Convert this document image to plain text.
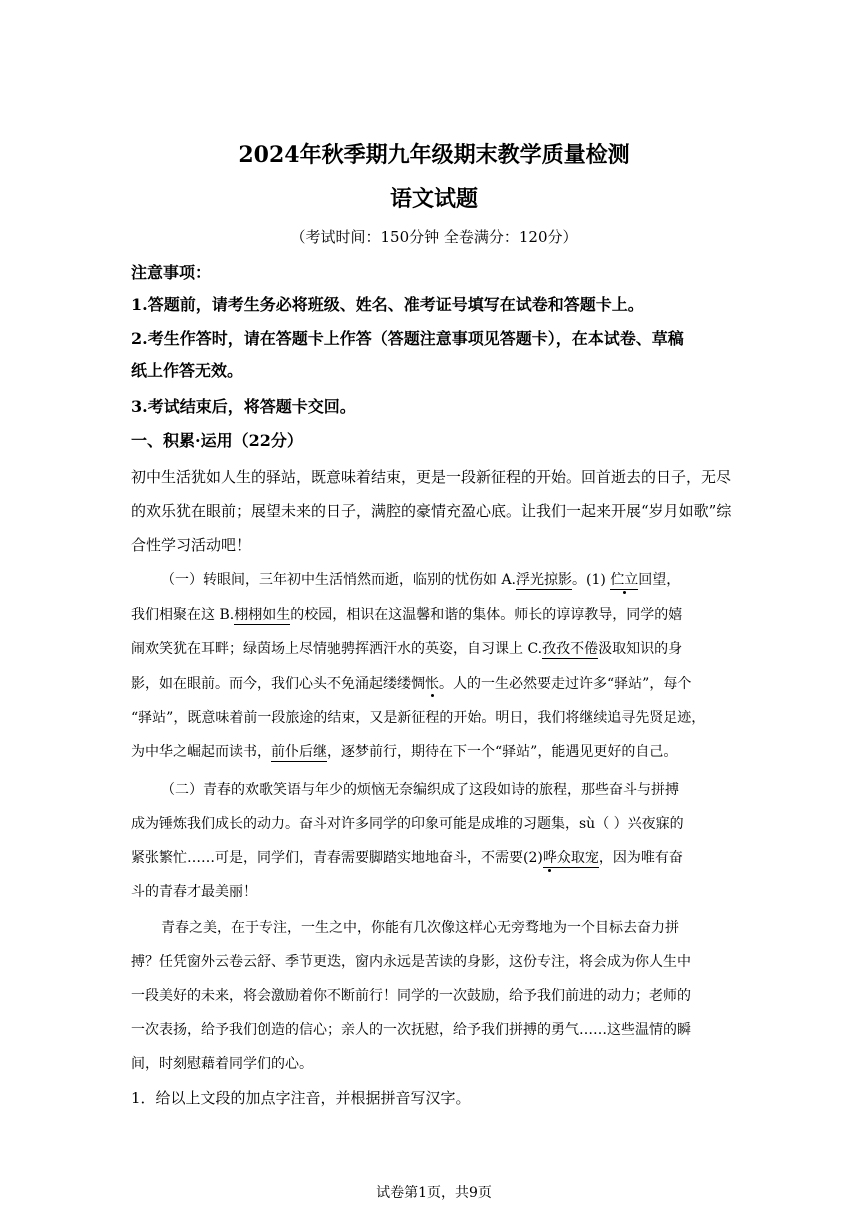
2024年秋季期九年级期末教学质量检测
语文试题
（考试时间：150分钟 全卷满分：120分）
注意事项：
1.答题前，请考生务必将班级、姓名、准考证号填写在试卷和答题卡上。
2.考生作答时，请在答题卡上作答（答题注意事项见答题卡），在本试卷、草稿
纸上作答无效。
3.考试结束后，将答题卡交回。
一、积累·运用（22分）
初中生活犹如人生的驿站，既意味着结束，更是一段新征程的开始。回首逝去的日子，无尽
的欢乐犹在眼前；展望未来的日子，满腔的豪情充盈心底。让我们一起来开展“岁月如歌”综
合性学习活动吧！
（一）转眼间，三年初中生活悄然而逝，临别的忧伤如 A.浮光掠影。(1) 伫立回望，
我们相聚在这 B.栩栩如生的校园，相识在这温馨和谐的集体。师长的谆谆教导，同学的嬉
闹欢笑犹在耳畔；绿茵场上尽情驰骋挥洒汗水的英姿，自习课上 C.孜孜不倦汲取知识的身
影，如在眼前。而今，我们心头不免涌起缕缕惆怅。人的一生必然要走过许多“驿站”，每个
“驿站”，既意味着前一段旅途的结束，又是新征程的开始。明日，我们将继续追寻先贤足迹，
为中华之崛起而读书，前仆后继，逐梦前行，期待在下一个“驿站”，能遇见更好的自己。
（二）青春的欢歌笑语与年少的烦恼无奈编织成了这段如诗的旅程，那些奋斗与拼搏
成为锤炼我们成长的动力。奋斗对许多同学的印象可能是成堆的习题集，sù（ ）兴夜寐的
紧张繁忙……可是，同学们，青春需要脚踏实地地奋斗，不需要(2)哗众取宠，因为唯有奋
斗的青春才最美丽！
青春之美，在于专注，一生之中，你能有几次像这样心无旁骛地为一个目标去奋力拼
搏？任凭窗外云卷云舒、季节更迭，窗内永远是苦读的身影，这份专注，将会成为你人生中
一段美好的未来，将会激励着你不断前行！同学的一次鼓励，给予我们前进的动力；老师的
一次表扬，给予我们创造的信心；亲人的一次抚慰，给予我们拼搏的勇气……这些温情的瞬
间，时刻慰藉着同学们的心。
1．给以上文段的加点字注音，并根据拼音写汉字。
试卷第1页，共9页
